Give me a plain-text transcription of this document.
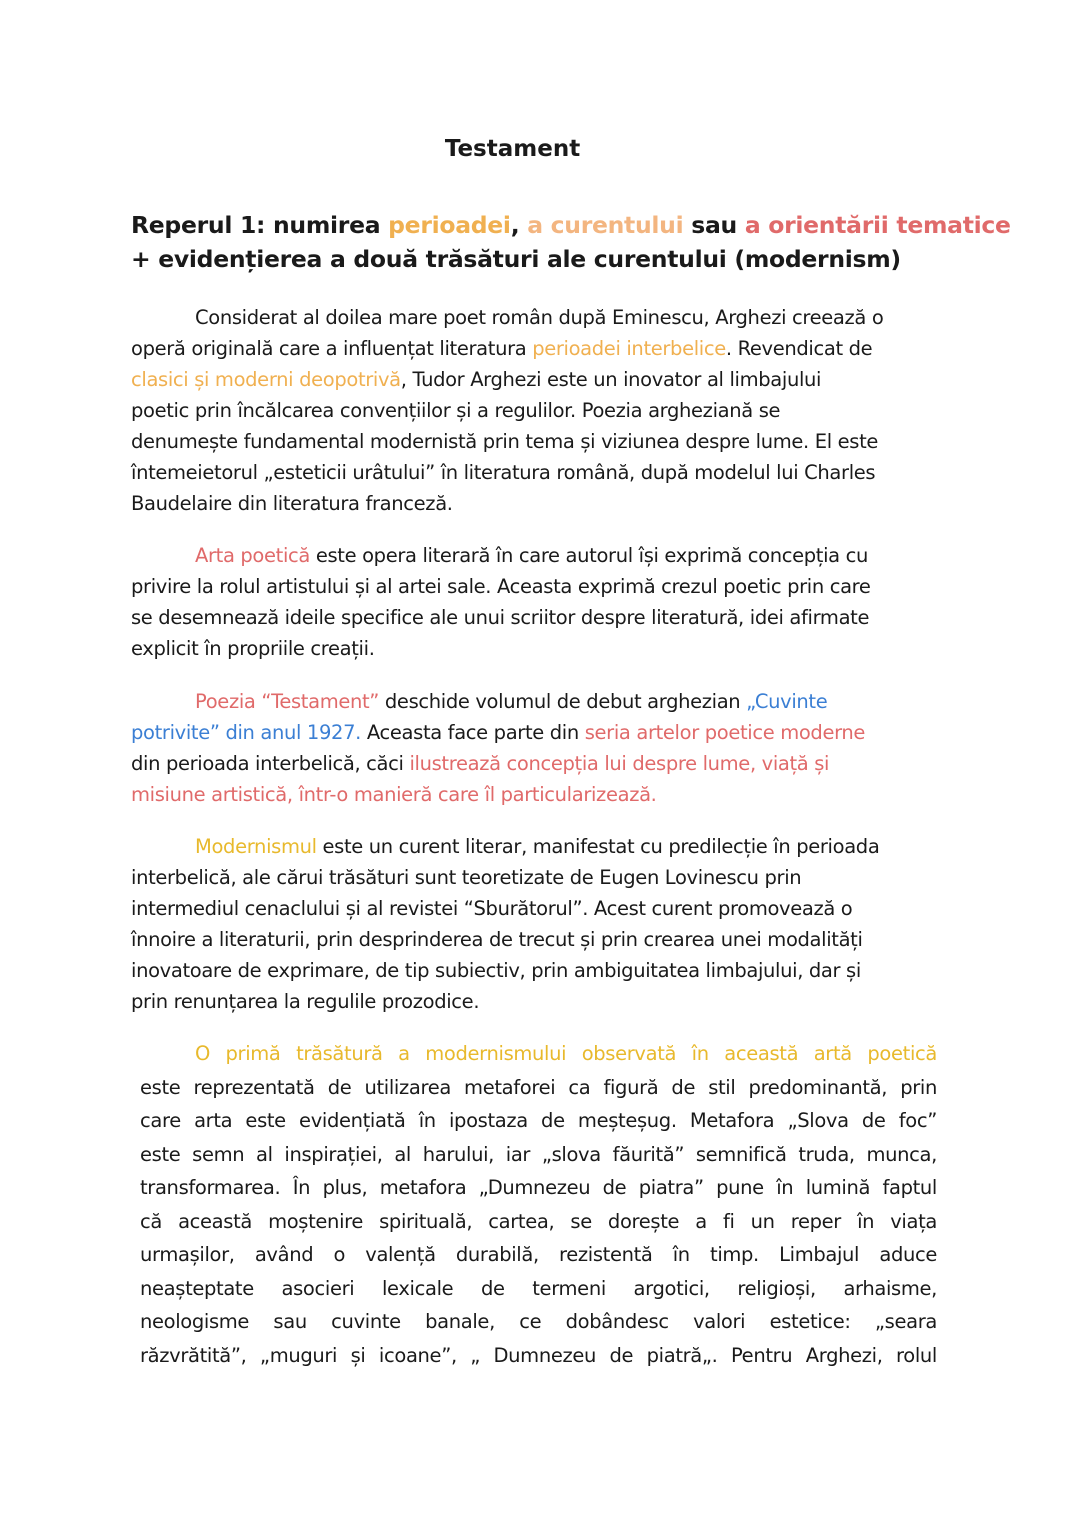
Testament
Reperul 1: numirea perioadei, a curentului sau a orientării tematice
+ evidențierea a două trăsături ale curentului (modernism)

Considerat al doilea mare poet român după Eminescu, Arghezi creează o
operă originală care a influențat literatura perioadei interbelice. Revendicat de
clasici și moderni deopotrivă, Tudor Arghezi este un inovator al limbajului
poetic prin încălcarea convențiilor și a regulilor. Poezia argheziană se
denumește fundamental modernistă prin tema și viziunea despre lume. El este
întemeietorul „esteticii urâtului” în literatura română, după modelul lui Charles
Baudelaire din literatura franceză.

Arta poetică este opera literară în care autorul își exprimă concepția cu
privire la rolul artistului și al artei sale. Aceasta exprimă crezul poetic prin care
se desemnează ideile specifice ale unui scriitor despre literatură, idei afirmate
explicit în propriile creații.

Poezia “Testament” deschide volumul de debut arghezian „Cuvinte
potrivite” din anul 1927. Aceasta face parte din seria artelor poetice moderne
din perioada interbelică, căci ilustrează concepția lui despre lume, viață și
misiune artistică, într-o manieră care îl particularizează.

Modernismul este un curent literar, manifestat cu predilecție în perioada
interbelică, ale cărui trăsături sunt teoretizate de Eugen Lovinescu prin
intermediul cenaclului și al revistei “Sburătorul”. Acest curent promovează o
înnoire a literaturii, prin desprinderea de trecut și prin crearea unei modalități
inovatoare de exprimare, de tip subiectiv, prin ambiguitatea limbajului, dar și
prin renunțarea la regulile prozodice.

O primă trăsătură a modernismului observată în această artă poetică
este reprezentată de utilizarea metaforei ca figură de stil predominantă, prin
care arta este evidențiată în ipostaza de meșteșug. Metafora „Slova de foc”
este semn al inspirației, al harului, iar „slova făurită” semnifică truda, munca,
transformarea. În plus, metafora „Dumnezeu de piatra” pune în lumină faptul
că această moștenire spirituală, cartea, se dorește a fi un reper în viața
urmașilor, având o valență durabilă, rezistentă în timp. Limbajul aduce
neașteptate asocieri lexicale de termeni argotici, religioși, arhaisme,
neologisme sau cuvinte banale, ce dobândesc valori estetice: „seara
răzvrătită”, „muguri și icoane”, „ Dumnezeu de piatră„. Pentru Arghezi, rolul
